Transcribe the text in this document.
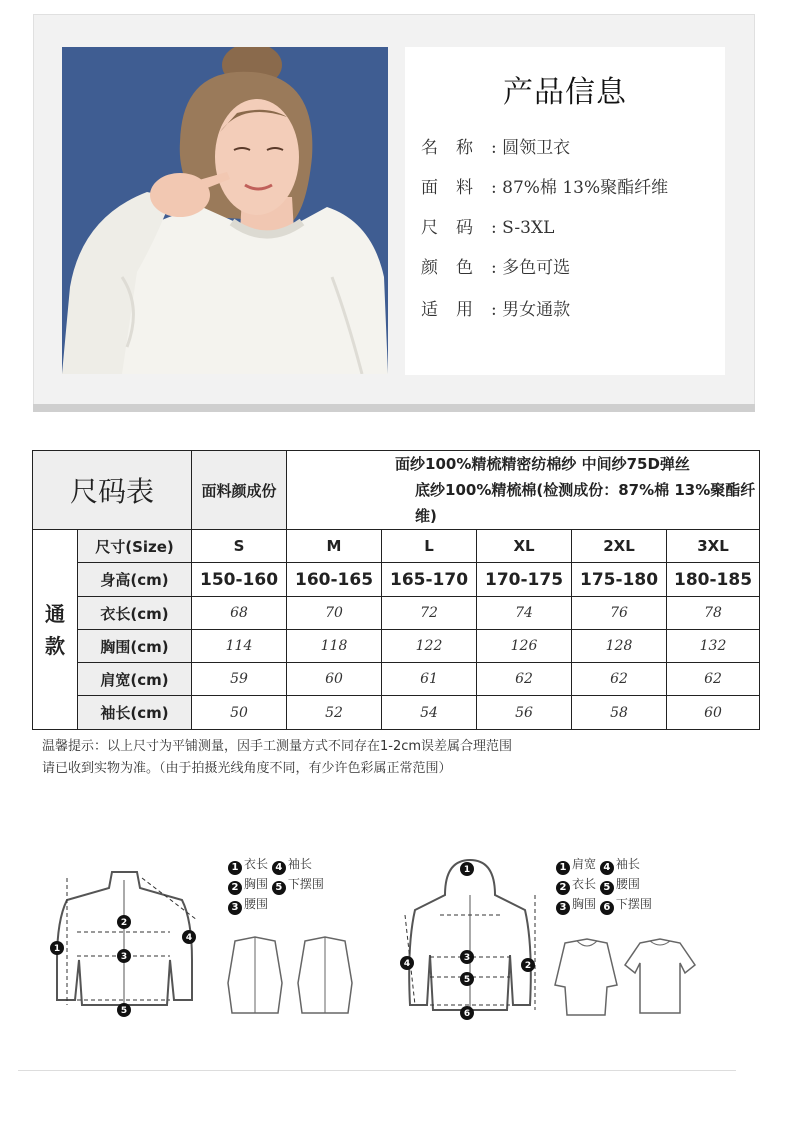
产品信息
名称: 圆领卫衣
面料: 87%棉 13%聚酯纤维
尺码: S-3XL
颜色: 多色可选
适用: 男女通款
尺码表		面料颜成份	面纱100%精梳精密纺棉纱 中间纱75D弹丝
底纱100%精梳棉(检测成份：87%棉 13%聚酯纤维)				

通
款	尺寸(Size)	S	M	L	XL	2XL	3XL
	身高(cm)	150-160	160-165	165-170	170-175	175-180	180-185
	衣长(cm)	68	70	72	74	76	78
	胸围(cm)	114	118	122	126	128	132
	肩宽(cm)	59	60	61	62	62	62
	袖长(cm)	50	52	54	56	58	60
温馨提示：以上尺寸为平铺测量，因手工测量方式不同存在1-2cm误差属合理范围
请已收到实物为准。（由于拍摄光线角度不同，有少许色彩属正常范围）
1
2
3
4
5
1 衣长 4 袖长
2 胸围 5 下摆围
3 腰围
1
2
3
4
5
6
1 肩宽 4 袖长
2 衣长 5 腰围
3 胸围 6 下摆围
